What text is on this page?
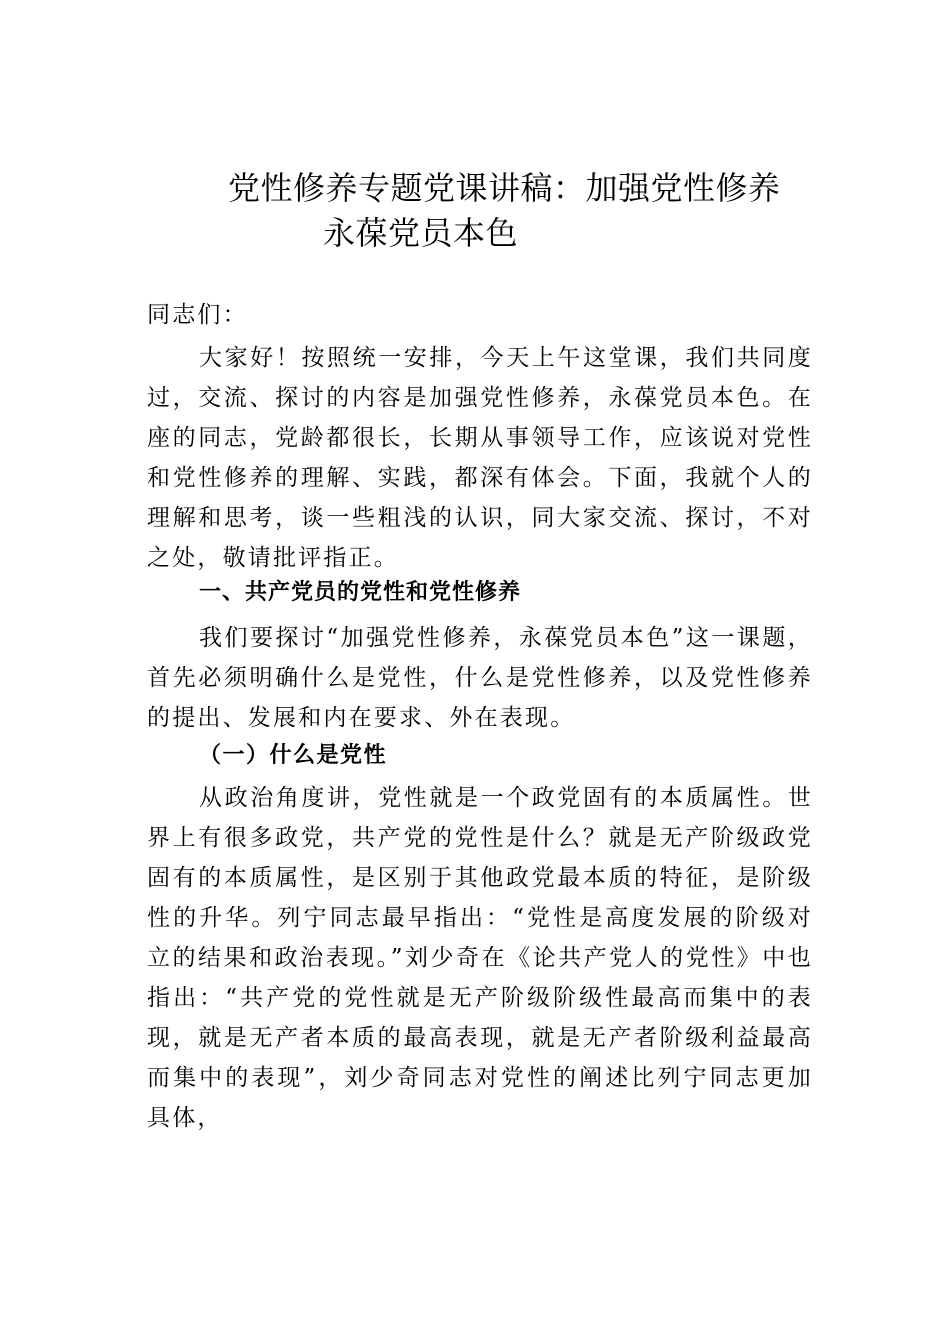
党性修养专题党课讲稿：加强党性修养
永葆党员本色

同志们：

大家好！按照统一安排，今天上午这堂课，我们共同度过，交流、探讨的内容是加强党性修养，永葆党员本色。在座的同志，党龄都很长，长期从事领导工作，应该说对党性和党性修养的理解、实践，都深有体会。下面，我就个人的理解和思考，谈一些粗浅的认识，同大家交流、探讨，不对之处，敬请批评指正。

一、共产党员的党性和党性修养

我们要探讨“加强党性修养，永葆党员本色”这一课题，首先必须明确什么是党性，什么是党性修养，以及党性修养的提出、发展和内在要求、外在表现。

（一）什么是党性

从政治角度讲，党性就是一个政党固有的本质属性。世界上有很多政党，共产党的党性是什么？就是无产阶级政党固有的本质属性，是区别于其他政党最本质的特征，是阶级性的升华。列宁同志最早指出：“党性是高度发展的阶级对立的结果和政治表现。”刘少奇在《论共产党人的党性》中也指出：“共产党的党性就是无产阶级阶级性最高而集中的表现，就是无产者本质的最高表现，就是无产者阶级利益最高而集中的表现”，刘少奇同志对党性的阐述比列宁同志更加具体，
